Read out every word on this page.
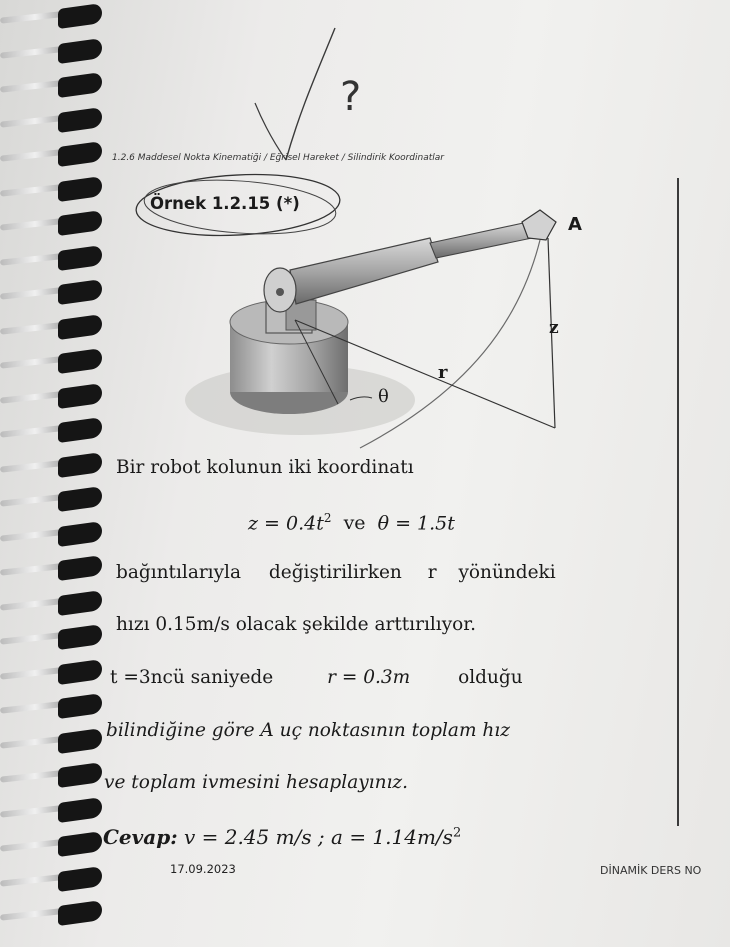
1.2.6 Maddesel Nokta Kinematiği / Eğrisel Hareket / Silindirik Koordinatlar
?
A
z
r
θ
Örnek 1.2.15 (*)
Bir robot kolunun iki koordinatı
$z = 0.4t^2$ ve θ = 1.5t
bağıntılarıyla değiştirilirken r yönündeki
hızı 0.15m/s olacak şekilde arttırılıyor.
t =3ncü saniyede	r = 0.3m	olduğu
bilindiğine göre A uç noktasının toplam hız
ve toplam ivmesini hesaplayınız.
Cevap: v = 2.45 m/s ; $a = 1.14m/s^2$
17.09.2023	DİNAMİK DERS NO
